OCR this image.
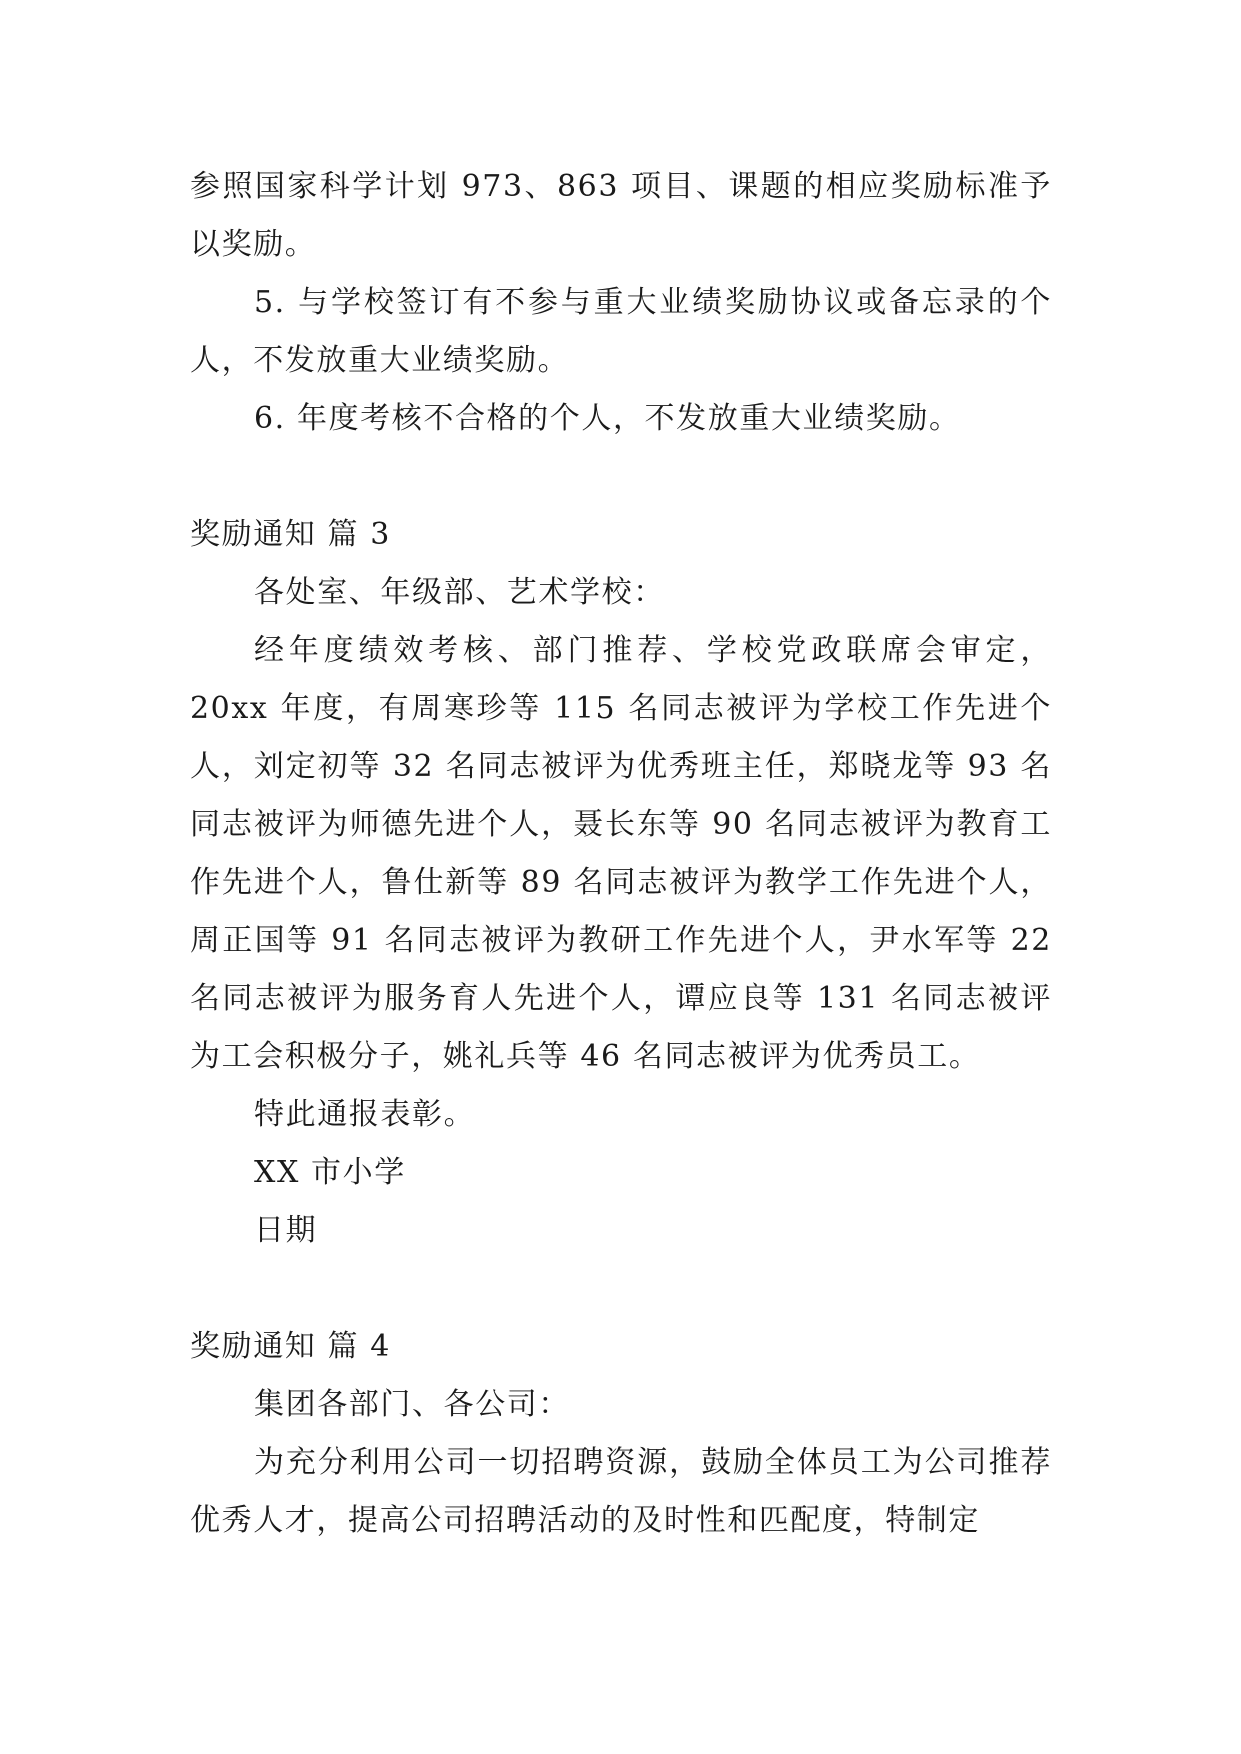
参照国家科学计划 973、863 项目、课题的相应奖励标准予以奖励。

5. 与学校签订有不参与重大业绩奖励协议或备忘录的个人，不发放重大业绩奖励。

6. 年度考核不合格的个人，不发放重大业绩奖励。

奖励通知 篇 3

各处室、年级部、艺术学校：

经年度绩效考核、部门推荐、学校党政联席会审定，20xx 年度，有周寒珍等 115 名同志被评为学校工作先进个人，刘定初等 32 名同志被评为优秀班主任，郑晓龙等 93 名同志被评为师德先进个人，聂长东等 90 名同志被评为教育工作先进个人，鲁仕新等 89 名同志被评为教学工作先进个人，周正国等 91 名同志被评为教研工作先进个人，尹水军等 22 名同志被评为服务育人先进个人，谭应良等 131 名同志被评为工会积极分子，姚礼兵等 46 名同志被评为优秀员工。

特此通报表彰。

XX 市小学

日期

奖励通知 篇 4

集团各部门、各公司：

为充分利用公司一切招聘资源，鼓励全体员工为公司推荐优秀人才，提高公司招聘活动的及时性和匹配度，特制定
